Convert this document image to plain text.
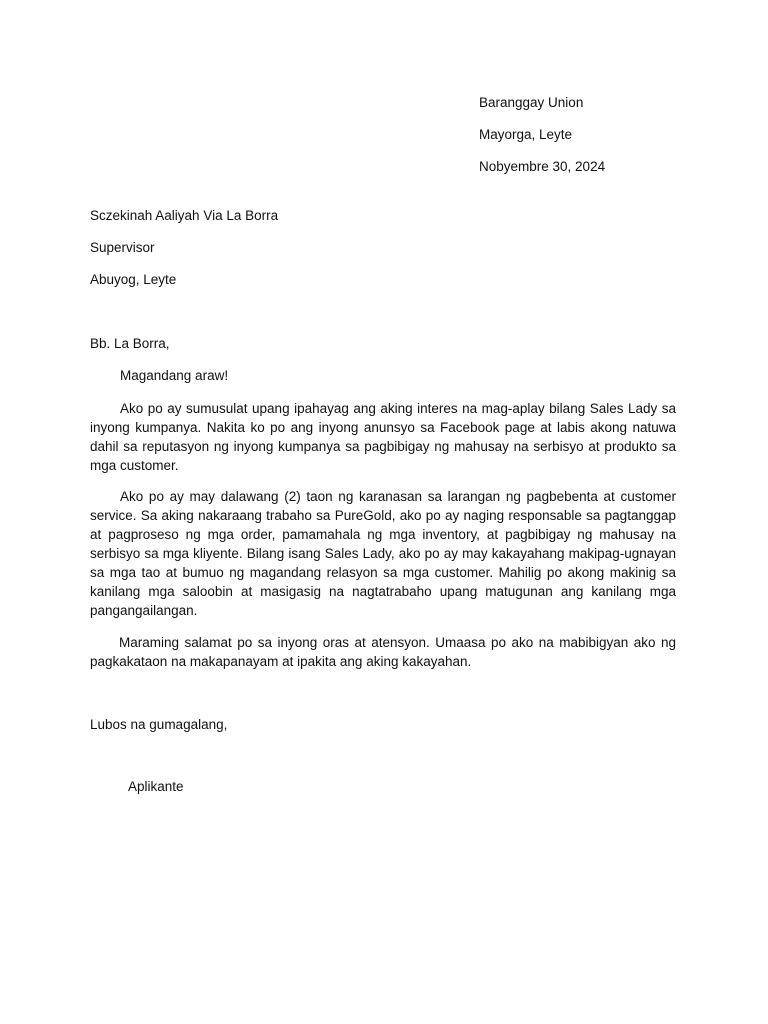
Baranggay Union

Mayorga, Leyte

Nobyembre 30, 2024

Sczekinah Aaliyah Via La Borra

Supervisor

Abuyog, Leyte

Bb. La Borra,

Magandang araw!

Ako po ay sumusulat upang ipahayag ang aking interes na mag-aplay bilang Sales Lady sa inyong kumpanya. Nakita ko po ang inyong anunsyo sa Facebook page at labis akong natuwa dahil sa reputasyon ng inyong kumpanya sa pagbibigay ng mahusay na serbisyo at produkto sa mga customer.

Ako po ay may dalawang (2) taon ng karanasan sa larangan ng pagbebenta at customer service. Sa aking nakaraang trabaho sa PureGold, ako po ay naging responsable sa pagtanggap at pagproseso ng mga order, pamamahala ng mga inventory, at pagbibigay ng mahusay na serbisyo sa mga kliyente. Bilang isang Sales Lady, ako po ay may kakayahang makipag-ugnayan sa mga tao at bumuo ng magandang relasyon sa mga customer. Mahilig po akong makinig sa kanilang mga saloobin at masigasig na nagtatrabaho upang matugunan ang kanilang mga pangangailangan.

Maraming salamat po sa inyong oras at atensyon. Umaasa po ako na mabibigyan ako ng pagkakataon na makapanayam at ipakita ang aking kakayahan.

Lubos na gumagalang,

Aplikante
